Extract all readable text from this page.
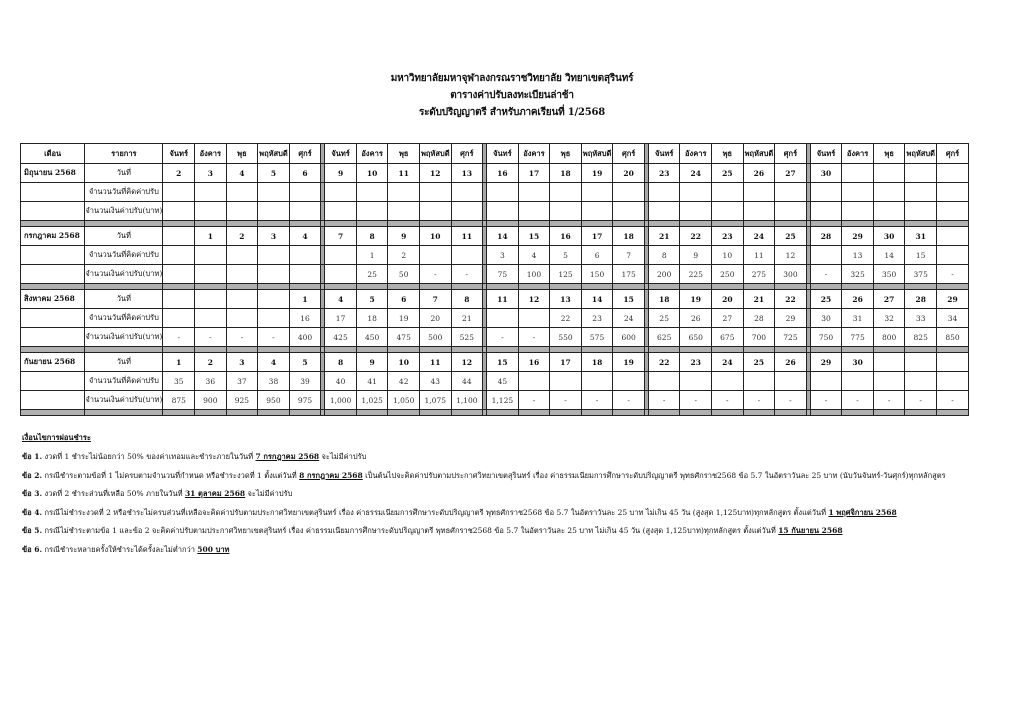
มหาวิทยาลัยมหาจุฬาลงกรณราชวิทยาลัย วิทยาเขตสุรินทร์
ตารางค่าปรับลงทะเบียนล่าช้า
ระดับปริญญาตรี สำหรับภาคเรียนที่ 1/2568
เดือน	รายการ	จันทร์	อังคาร	พุธ	พฤหัสบดี	ศุกร์		จันทร์	อังคาร	พุธ	พฤหัสบดี	ศุกร์		จันทร์	อังคาร	พุธ	พฤหัสบดี	ศุกร์		จันทร์	อังคาร	พุธ	พฤหัสบดี	ศุกร์		จันทร์	อังคาร	พุธ	พฤหัสบดี	ศุกร์
มิถุนายน 2568	วันที่	2	3	4	5	6		9	10	11	12	13		16	17	18	19	20		23	24	25	26	27		30				
	จำนวนวันที่คิดค่าปรับ																													
	จำนวนเงินค่าปรับ(บาท)																													

กรกฎาคม 2568	วันที่		1	2	3	4		7	8	9	10	11		14	15	16	17	18		21	22	23	24	25		28	29	30	31	
	จำนวนวันที่คิดค่าปรับ								1	2				3	4	5	6	7		8	9	10	11	12			13	14	15	
	จำนวนเงินค่าปรับ(บาท)								25	50	-	-		75	100	125	150	175		200	225	250	275	300		-	325	350	375	-

สิงหาคม 2568	วันที่					1		4	5	6	7	8		11	12	13	14	15		18	19	20	21	22		25	26	27	28	29
	จำนวนวันที่คิดค่าปรับ					16		17	18	19	20	21				22	23	24		25	26	27	28	29		30	31	32	33	34
	จำนวนเงินค่าปรับ(บาท)	-	-	-	-	400		425	450	475	500	525		-	-	550	575	600		625	650	675	700	725		750	775	800	825	850

กันยายน 2568	วันที่	1	2	3	4	5		8	9	10	11	12		15	16	17	18	19		22	23	24	25	26		29	30			
	จำนวนวันที่คิดค่าปรับ	35	36	37	38	39		40	41	42	43	44		45																
	จำนวนเงินค่าปรับ(บาท)	875	900	925	950	975		1,000	1,025	1,050	1,075	1,100		1,125	-	-	-	-		-	-	-	-	-		-	-	-	-	-

เงื่อนไขการผ่อนชำระ
ข้อ 1. งวดที่ 1 ชำระไม่น้อยกว่า 50% ของค่าเทอมและชำระภายในวันที่ 7 กรกฎาคม 2568 จะไม่มีค่าปรับ
ข้อ 2. กรณีชำระตามข้อที่ 1 ไม่ครบตามจำนวนที่กำหนด หรือชำระงวดที่ 1 ตั้งแต่วันที่ 8 กรกฎาคม 2568 เป็นต้นไปจะคิดค่าปรับตามประกาศวิทยาเขตสุรินทร์ เรื่อง ค่าธรรมเนียมการศึกษาระดับปริญญาตรี พุทธศักราช2568 ข้อ 5.7 ในอัตราวันละ 25 บาท (นับวันจันทร์-วันศุกร์)ทุกหลักสูตร
ข้อ 3. งวดที่ 2 ชำระส่วนที่เหลือ 50% ภายในวันที่ 31 ตุลาคม 2568 จะไม่มีค่าปรับ
ข้อ 4. กรณีไม่ชำระงวดที่ 2 หรือชำระไม่ครบส่วนที่เหลือจะคิดค่าปรับตามประกาศวิทยาเขตสุรินทร์ เรื่อง ค่าธรรมเนียมการศึกษาระดับปริญญาตรี พุทธศักราช2568 ข้อ 5.7 ในอัตราวันละ 25 บาท ไม่เกิน 45 วัน (สูงสุด 1,125บาท)ทุกหลักสูตร ตั้งแต่วันที่ 1 พฤศจิกายน 2568
ข้อ 5. กรณีไม่ชำระตามข้อ 1 และข้อ 2 จะคิดค่าปรับตามประกาศวิทยาเขตสุรินทร์ เรื่อง ค่าธรรมเนียมการศึกษาระดับปริญญาตรี พุทธศักราช2568 ข้อ 5.7 ในอัตราวันละ 25 บาท ไม่เกิน 45 วัน (สูงสุด 1,125บาท)ทุกหลักสูตร ตั้งแต่วันที่ 15 กันยายน 2568
ข้อ 6. กรณีชำระหลายครั้งให้ชำระได้ครั้งละไม่ต่ำกว่า 500 บาท
